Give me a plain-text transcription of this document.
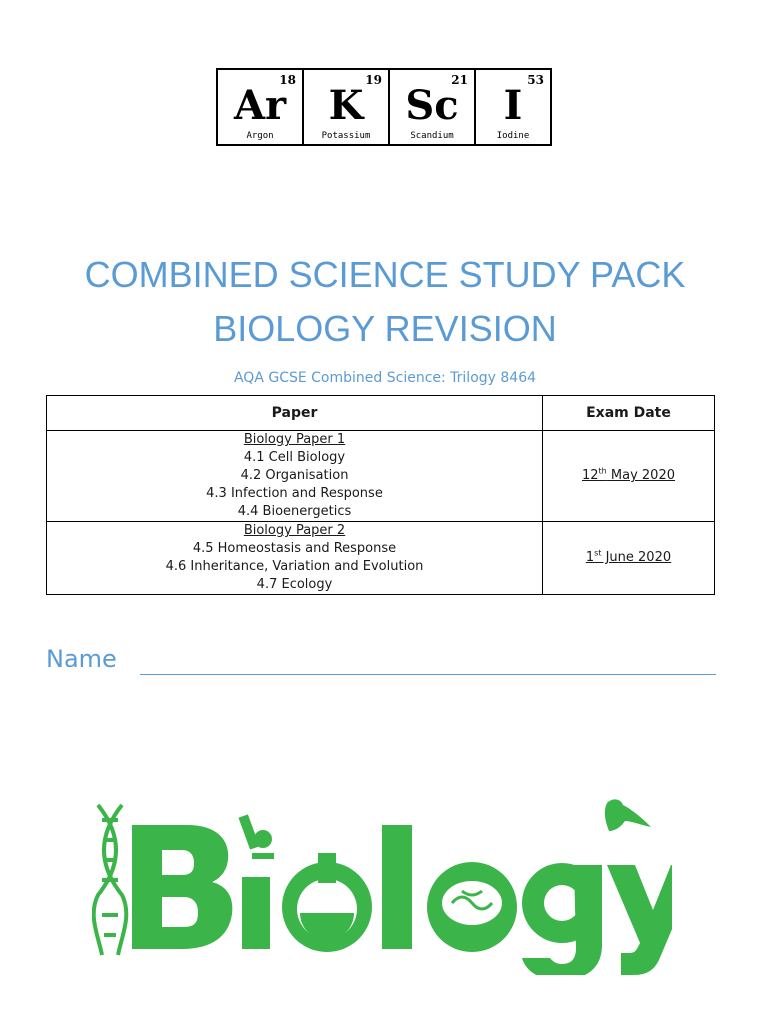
18
Ar
Argon
19
K
Potassium
21
Sc
Scandium
53
I
Iodine
COMBINED SCIENCE STUDY PACK
BIOLOGY REVISION
AQA GCSE Combined Science: Trilogy 8464
Paper	Exam Date

Biology Paper 1
4.1 Cell Biology
4.2 Organisation
4.3 Infection and Response
4.4 Bioenergetics	12th May 2020

Biology Paper 2
4.5 Homeostasis and Response
4.6 Inheritance, Variation and Evolution
4.7 Ecology	1st June 2020
Name
